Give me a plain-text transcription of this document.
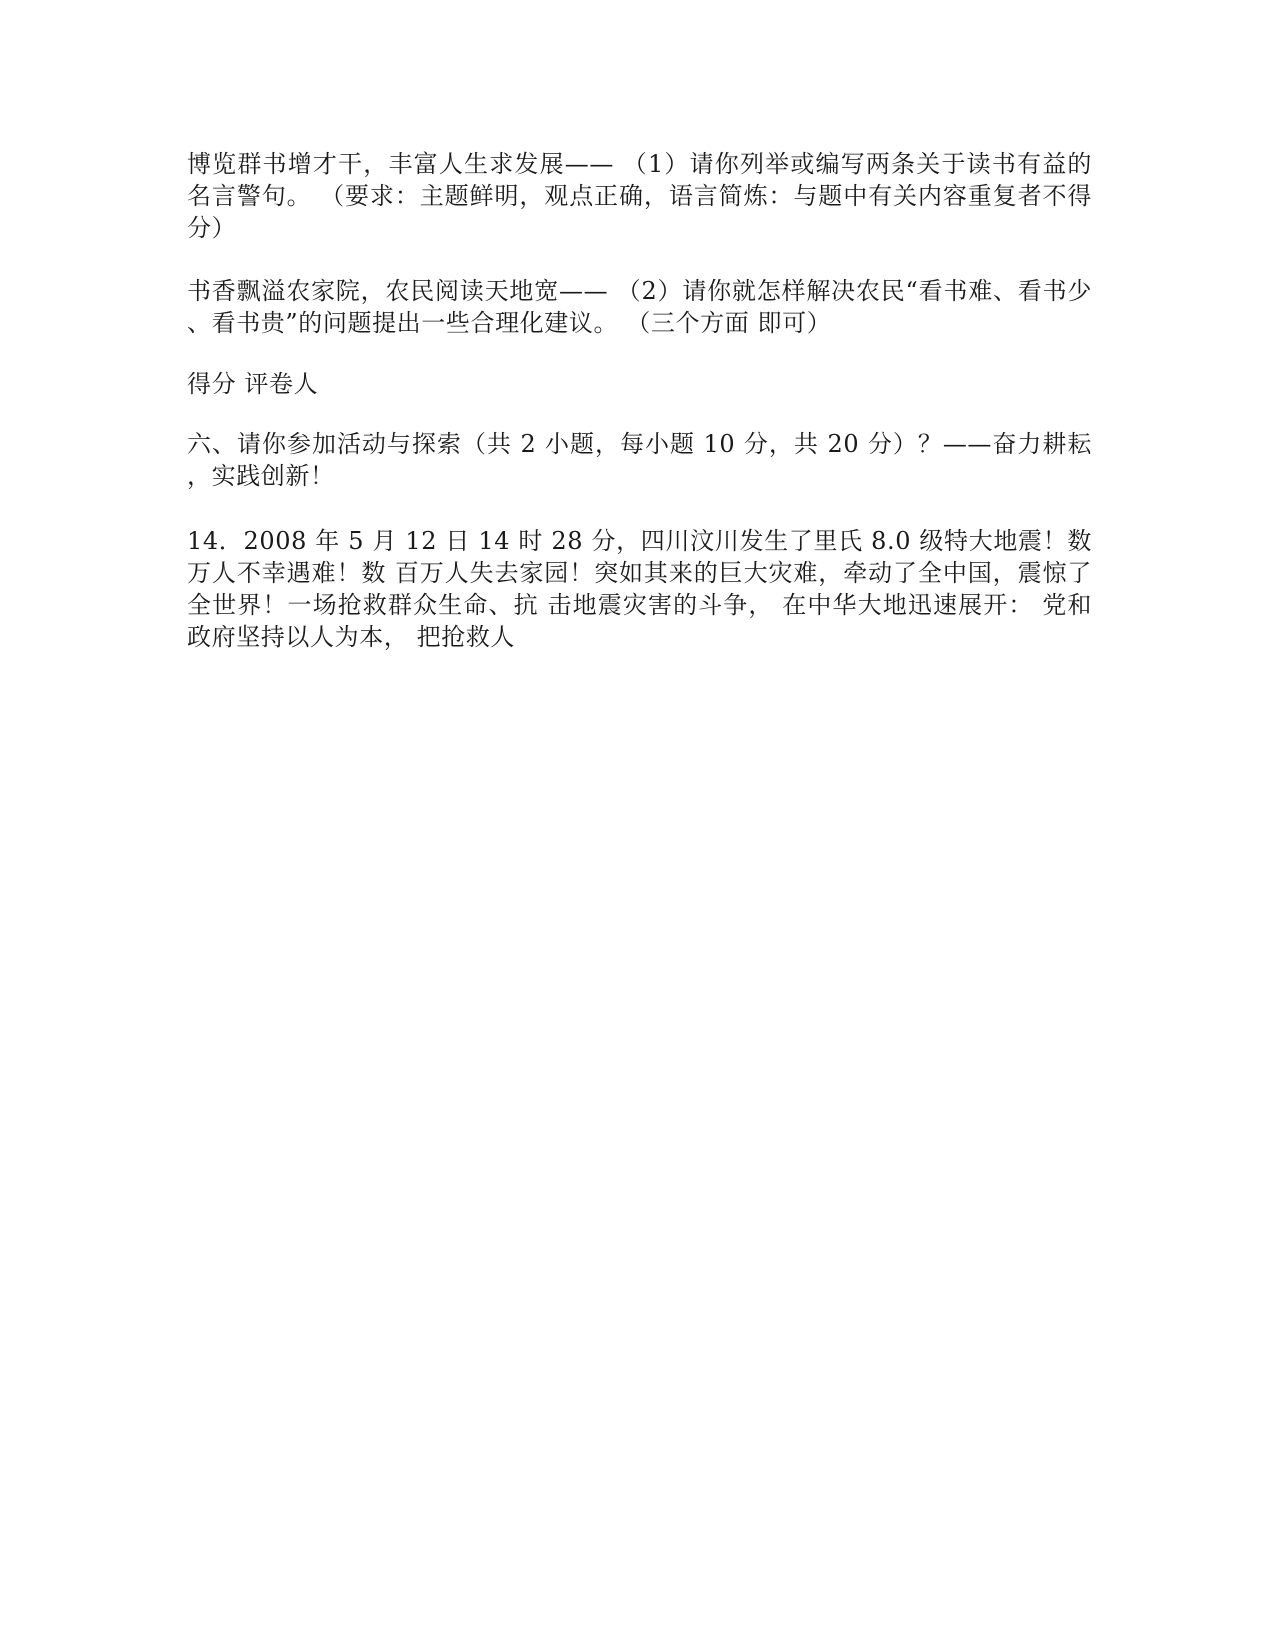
博览群书增才干，丰富人生求发展—— （1）请你列举或编写两条关于读书有益的
名言警句。 （要求：主题鲜明，观点正确，语言简炼：与题中有关内容重复者不得
分）
书香飘溢农家院，农民阅读天地宽—— （2）请你就怎样解决农民“看书难、看书少
、看书贵”的问题提出一些合理化建议。 （三个方面 即可）
得分 评卷人
六、请你参加活动与探索（共 2 小题，每小题 10 分，共 20 分）？——奋力耕耘
，实践创新！
14．2008 年 5 月 12 日 14 时 28 分，四川汶川发生了里氏 8.0 级特大地震！数
万人不幸遇难！数 百万人失去家园！突如其来的巨大灾难，牵动了全中国，震惊了
全世界！一场抢救群众生命、抗 击地震灾害的斗争， 在中华大地迅速展开： 党和
政府坚持以人为本， 把抢救人
